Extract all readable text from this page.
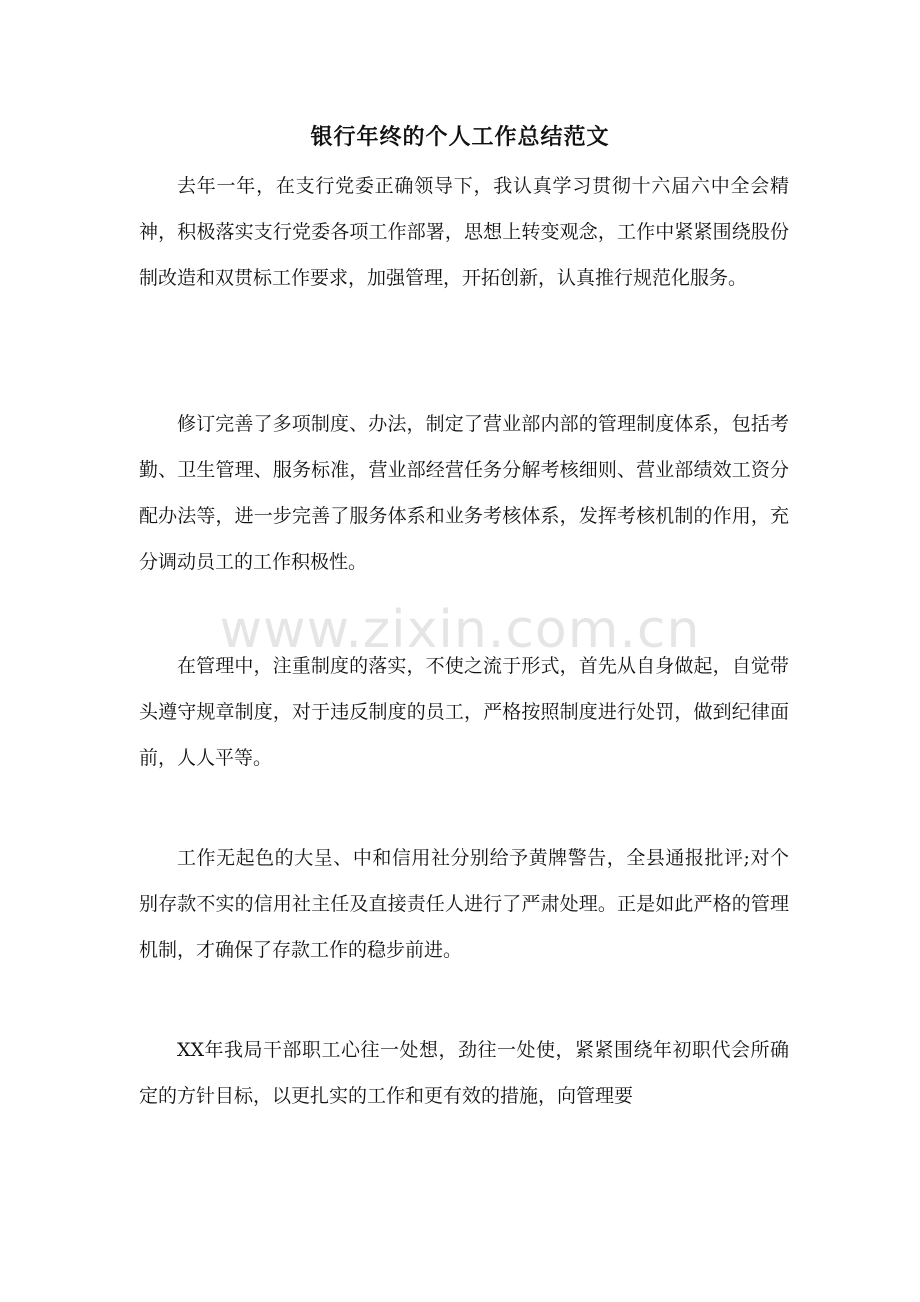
银行年终的个人工作总结范文

去年一年，在支行党委正确领导下，我认真学习贯彻十六届六中全会精神，积极落实支行党委各项工作部署，思想上转变观念，工作中紧紧围绕股份制改造和双贯标工作要求，加强管理，开拓创新，认真推行规范化服务。

修订完善了多项制度、办法，制定了营业部内部的管理制度体系，包括考勤、卫生管理、服务标准，营业部经营任务分解考核细则、营业部绩效工资分配办法等，进一步完善了服务体系和业务考核体系，发挥考核机制的作用，充分调动员工的工作积极性。

在管理中，注重制度的落实，不使之流于形式，首先从自身做起，自觉带头遵守规章制度，对于违反制度的员工，严格按照制度进行处罚，做到纪律面前，人人平等。

工作无起色的大呈、中和信用社分别给予黄牌警告，全县通报批评;对个别存款不实的信用社主任及直接责任人进行了严肃处理。正是如此严格的管理机制，才确保了存款工作的稳步前进。

XX年我局干部职工心往一处想，劲往一处使，紧紧围绕年初职代会所确定的方针目标，以更扎实的工作和更有效的措施，向管理要

www.zixin.com.cn
